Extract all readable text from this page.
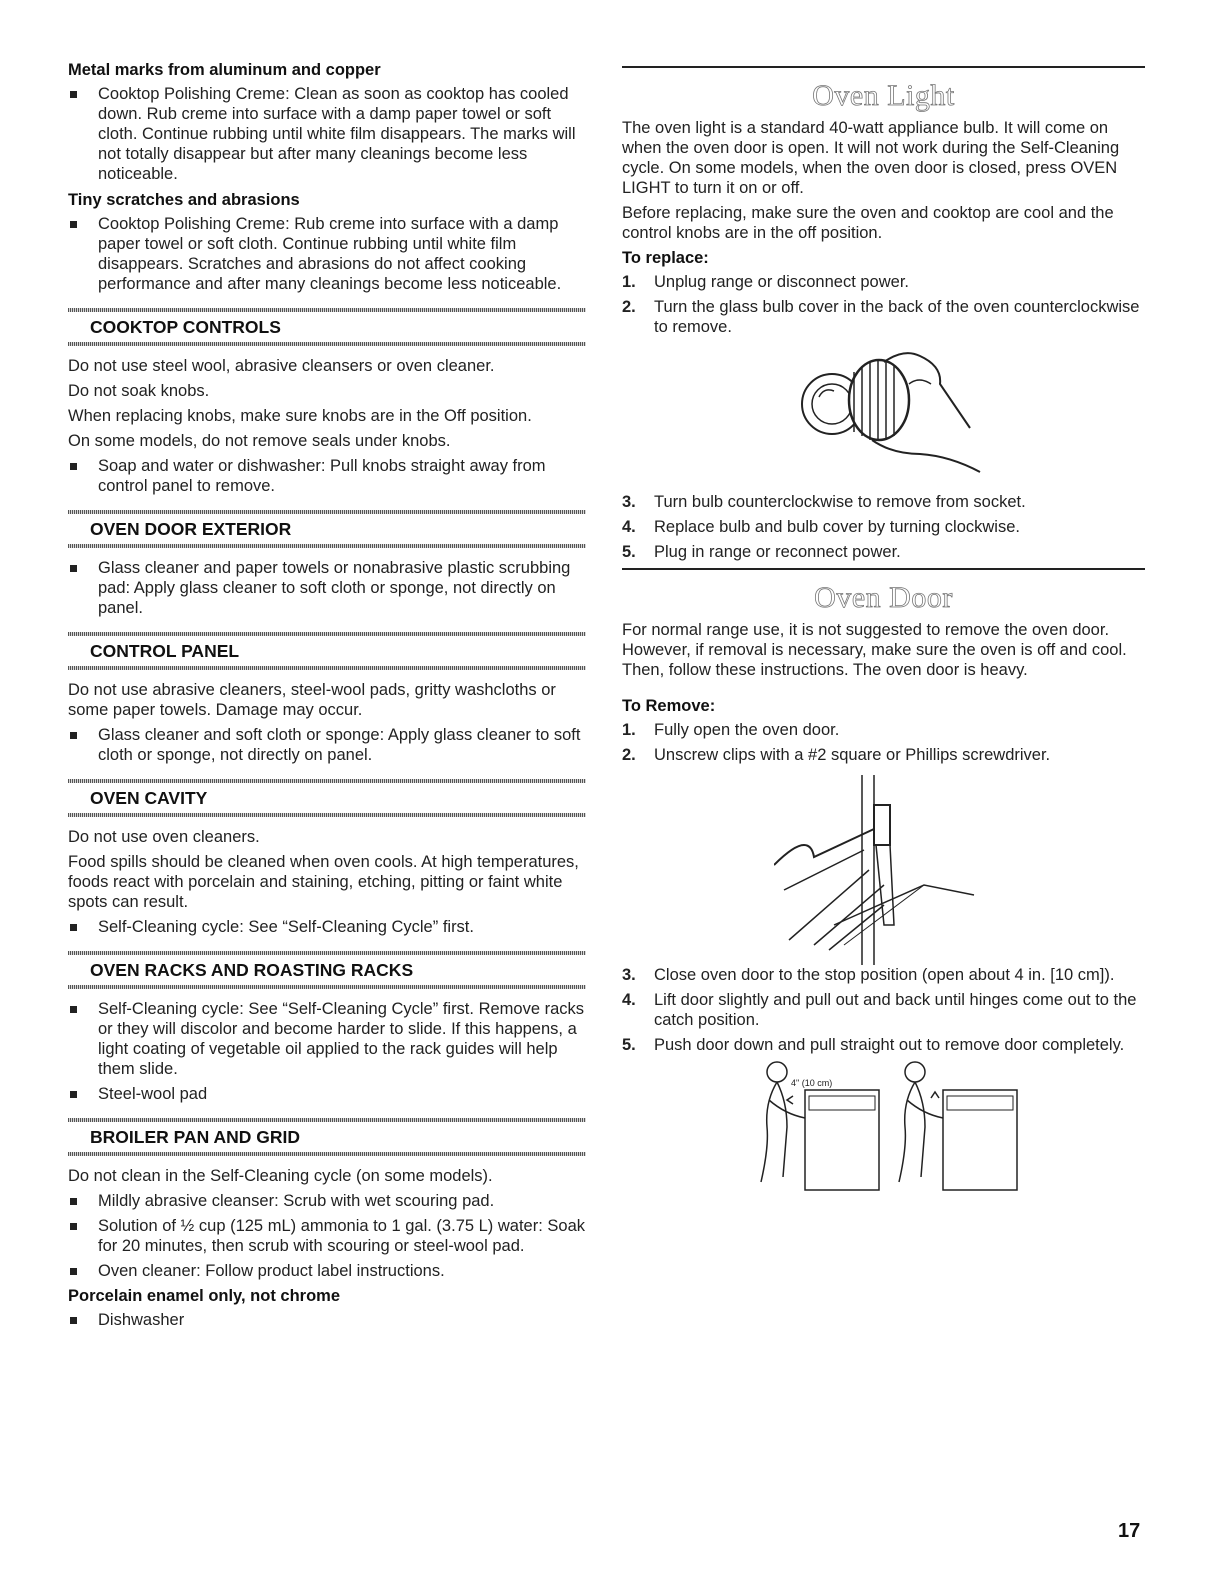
Metal marks from aluminum and copper
Cooktop Polishing Creme: Clean as soon as cooktop has cooled down. Rub creme into surface with a damp paper towel or soft cloth. Continue rubbing until white film disappears. The marks will not totally disappear but after many cleanings become less noticeable.
Tiny scratches and abrasions
Cooktop Polishing Creme: Rub creme into surface with a damp paper towel or soft cloth. Continue rubbing until white film disappears. Scratches and abrasions do not affect cooking performance and after many cleanings become less noticeable.
COOKTOP CONTROLS

Do not use steel wool, abrasive cleansers or oven cleaner.

Do not soak knobs.

When replacing knobs, make sure knobs are in the Off position.

On some models, do not remove seals under knobs.

Soap and water or dishwasher: Pull knobs straight away from control panel to remove.
OVEN DOOR EXTERIOR
Glass cleaner and paper towels or nonabrasive plastic scrubbing pad: Apply glass cleaner to soft cloth or sponge, not directly on panel.
CONTROL PANEL

Do not use abrasive cleaners, steel-wool pads, gritty washcloths or some paper towels. Damage may occur.

Glass cleaner and soft cloth or sponge: Apply glass cleaner to soft cloth or sponge, not directly on panel.
OVEN CAVITY

Do not use oven cleaners.

Food spills should be cleaned when oven cools. At high temperatures, foods react with porcelain and staining, etching, pitting or faint white spots can result.

Self-Cleaning cycle: See “Self-Cleaning Cycle” first.
OVEN RACKS AND ROASTING RACKS
Self-Cleaning cycle: See “Self-Cleaning Cycle” first. Remove racks or they will discolor and become harder to slide. If this happens, a light coating of vegetable oil applied to the rack guides will help them slide.
Steel-wool pad
BROILER PAN AND GRID

Do not clean in the Self-Cleaning cycle (on some models).

Mildly abrasive cleanser: Scrub with wet scouring pad.
Solution of ½ cup (125 mL) ammonia to 1 gal. (3.75 L) water: Soak for 20 minutes, then scrub with scouring or steel-wool pad.
Oven cleaner: Follow product label instructions.
Porcelain enamel only, not chrome
Dishwasher
Oven Light

The oven light is a standard 40-watt appliance bulb. It will come on when the oven door is open. It will not work during the Self-Cleaning cycle. On some models, when the oven door is closed, press OVEN LIGHT to turn it on or off.

Before replacing, make sure the oven and cooktop are cool and the control knobs are in the off position.

To replace:
1. Unplug range or disconnect power.
2. Turn the glass bulb cover in the back of the oven counterclockwise to remove.
3. Turn bulb counterclockwise to remove from socket.
4. Replace bulb and bulb cover by turning clockwise.
5. Plug in range or reconnect power.
Oven Door

For normal range use, it is not suggested to remove the oven door. However, if removal is necessary, make sure the oven is off and cool. Then, follow these instructions. The oven door is heavy.

To Remove:
1. Fully open the oven door.
2. Unscrew clips with a #2 square or Phillips screwdriver.
3. Close oven door to the stop position (open about 4 in. [10 cm]).
4. Lift door slightly and pull out and back until hinges come out to the catch position.
5. Push door down and pull straight out to remove door completely.
4" (10 cm)
17
